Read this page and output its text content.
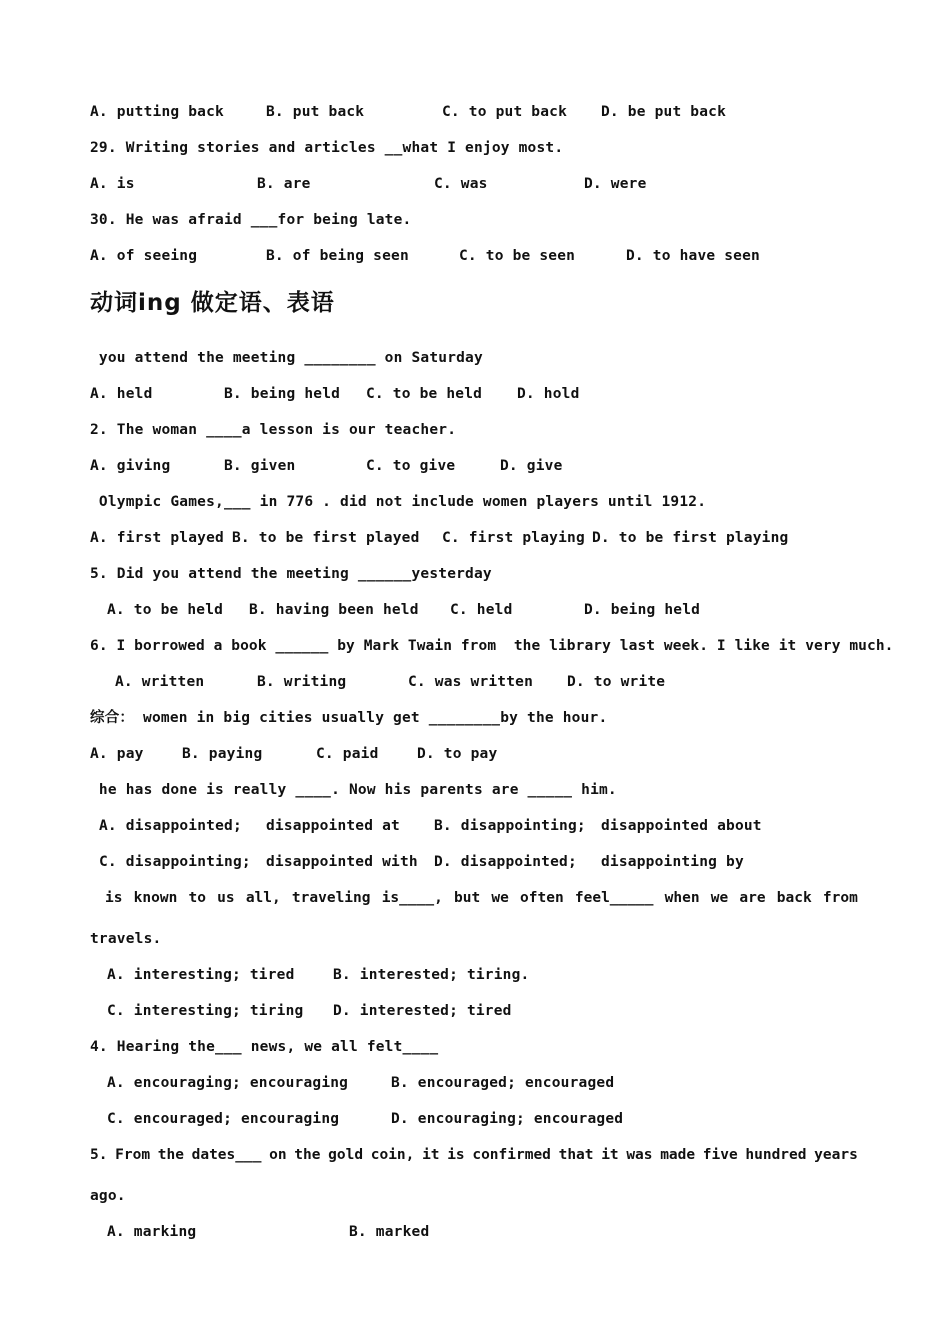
A. putting back	B. put back	C. to put back D. be put back
29. Writing stories and articles __what I enjoy most.
A. is	B. are	C. was	D. were
30. He was afraid ___for being late.
A. of seeing	B. of being seen	C. to be seen	D. to have seen
动词ing 做定语、表语
you attend the meeting ________ on Saturday
A. held	B. being held C. to be held D. hold
2. The woman ____a lesson is our teacher.
A. giving	B. given	C. to give	D. give
Olympic Games,___ in 776 . did not include women players until 1912.
A. first played B. to be first played C. first playing D. to be first playing
5. Did you attend the meeting ______yesterday
A. to be held B. having been held C. held	D. being held
6. I borrowed a book ______ by Mark Twain from  the library last week. I like it very much.
A. written	B. writing	C. was written D. to write
综合： women in big cities usually get ________by the hour.
A. pay	B. paying	C. paid	D. to pay
he has done is really ____. Now his parents are _____ him.
A. disappointed; disappointed at B. disappointing; disappointed about
C. disappointing; disappointed with D. disappointed; disappointing by
is known to us all, traveling is____, but we often feel_____ when we are back from
travels.
A. interesting; tired	B. interested; tiring.
C. interesting; tiring D. interested; tired
4. Hearing the___ news, we all felt____
A. encouraging; encouraging	B. encouraged; encouraged
C. encouraged; encouraging	D. encouraging; encouraged
5. From the dates___ on the gold coin, it is confirmed that it was made five hundred years
ago.
A. marking	B. marked
